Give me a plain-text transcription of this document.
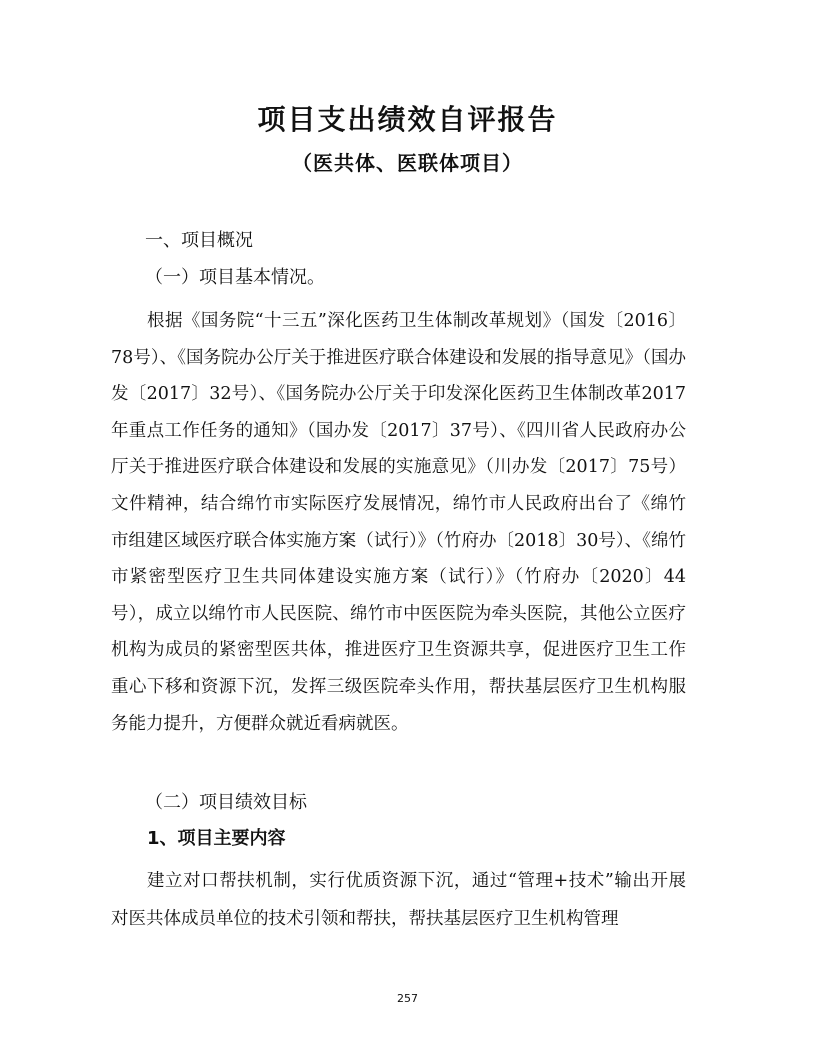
项目支出绩效自评报告
（医共体、医联体项目）
一、项目概况
（一）项目基本情况。
根据《国务院“十三五”深化医药卫生体制改革规划》（国发〔2016〕78号）、《国务院办公厅关于推进医疗联合体建设和发展的指导意见》（国办发〔2017〕32号）、《国务院办公厅关于印发深化医药卫生体制改革2017年重点工作任务的通知》（国办发〔2017〕37号）、《四川省人民政府办公厅关于推进医疗联合体建设和发展的实施意见》（川办发〔2017〕75号）文件精神，结合绵竹市实际医疗发展情况，绵竹市人民政府出台了《绵竹市组建区域医疗联合体实施方案（试行）》（竹府办〔2018〕30号）、《绵竹市紧密型医疗卫生共同体建设实施方案（试行）》（竹府办〔2020〕44号），成立以绵竹市人民医院、绵竹市中医医院为牵头医院，其他公立医疗机构为成员的紧密型医共体，推进医疗卫生资源共享，促进医疗卫生工作重心下移和资源下沉，发挥三级医院牵头作用，帮扶基层医疗卫生机构服务能力提升，方便群众就近看病就医。
（二）项目绩效目标
1、项目主要内容
建立对口帮扶机制，实行优质资源下沉，通过“管理+技术”输出开展对医共体成员单位的技术引领和帮扶，帮扶基层医疗卫生机构管理
257
